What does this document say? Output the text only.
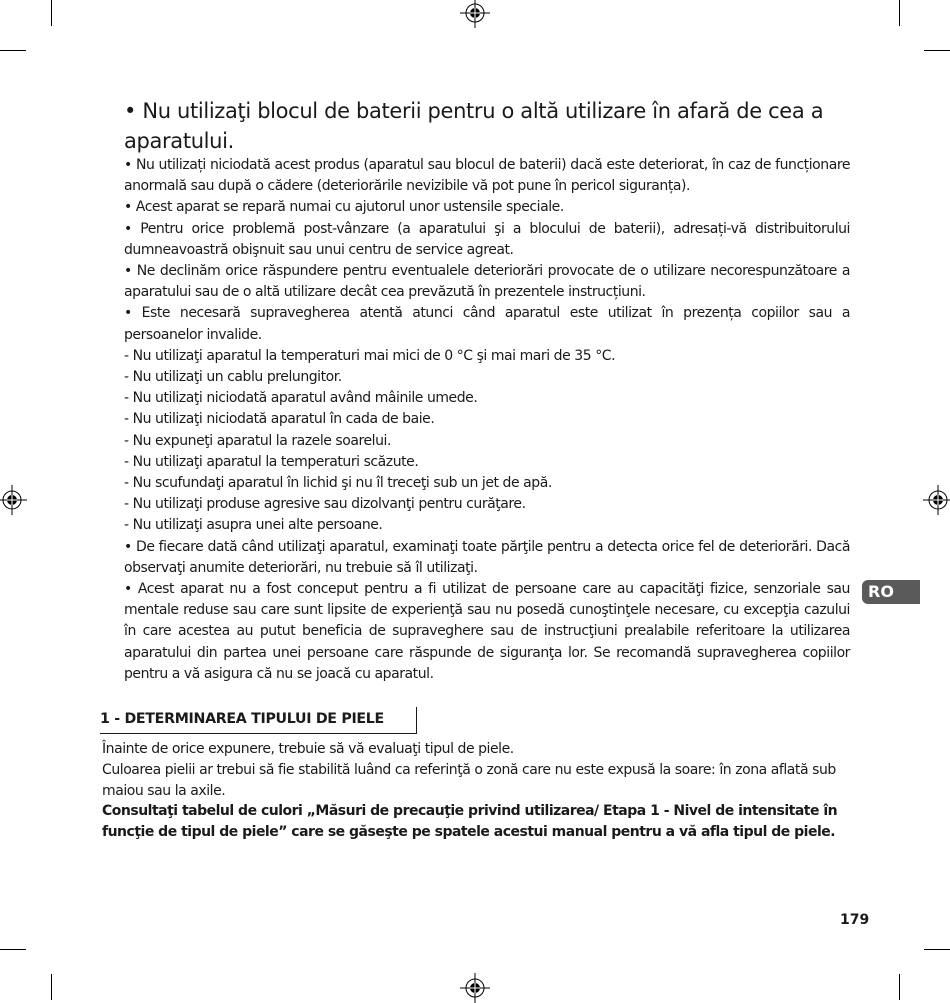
• Nu utilizaţi blocul de baterii pentru o altă utilizare în afară de cea a aparatului.

• Nu utilizați niciodată acest produs (aparatul sau blocul de baterii) dacă este deteriorat, în caz de funcționare anormală sau după o cădere (deteriorările nevizibile vă pot pune în pericol siguranța).

• Acest aparat se repară numai cu ajutorul unor ustensile speciale.

• Pentru orice problemă post-vânzare (a aparatului şi a blocului de baterii), adresați-vă distribuitorului dumneavoastră obişnuit sau unui centru de service agreat.

• Ne declinăm orice răspundere pentru eventualele deteriorări provocate de o utilizare necorespunzătoare a aparatului sau de o altă utilizare decât cea prevăzută în prezentele instrucțiuni.

• Este necesară supravegherea atentă atunci când aparatul este utilizat în prezența copiilor sau a persoanelor invalide.

- Nu utilizaţi aparatul la temperaturi mai mici de 0 °C şi mai mari de 35 °C.

- Nu utilizaţi un cablu prelungitor.

- Nu utilizaţi niciodată aparatul având mâinile umede.

- Nu utilizaţi niciodată aparatul în cada de baie.

- Nu expuneţi aparatul la razele soarelui.

- Nu utilizaţi aparatul la temperaturi scăzute.

- Nu scufundaţi aparatul în lichid şi nu îl treceţi sub un jet de apă.

- Nu utilizaţi produse agresive sau dizolvanţi pentru curăţare.

- Nu utilizaţi asupra unei alte persoane.

• De fiecare dată când utilizaţi aparatul, examinaţi toate părţile pentru a detecta orice fel de deteriorări. Dacă observaţi anumite deteriorări, nu trebuie să îl utilizaţi.

• Acest aparat nu a fost conceput pentru a fi utilizat de persoane care au capacităţi fizice, senzoriale sau mentale reduse sau care sunt lipsite de experienţă sau nu posedă cunoştinţele necesare, cu excepţia cazului în care acestea au putut beneficia de supraveghere sau de instrucţiuni prealabile referitoare la utilizarea aparatului din partea unei persoane care răspunde de siguranţa lor. Se recomandă supravegherea copiilor pentru a vă asigura că nu se joacă cu aparatul.

1 - DETERMINAREA TIPULUI DE PIELE

Înainte de orice expunere, trebuie să vă evaluaţi tipul de piele.

Culoarea pielii ar trebui să fie stabilită luând ca referinţă o zonă care nu este expusă la soare: în zona aflată sub maiou sau la axile.

Consultaţi tabelul de culori „Măsuri de precauţie privind utilizarea/ Etapa 1 - Nivel de intensitate în funcţie de tipul de piele” care se găseşte pe spatele acestui manual pentru a vă afla tipul de piele.

RO
179
